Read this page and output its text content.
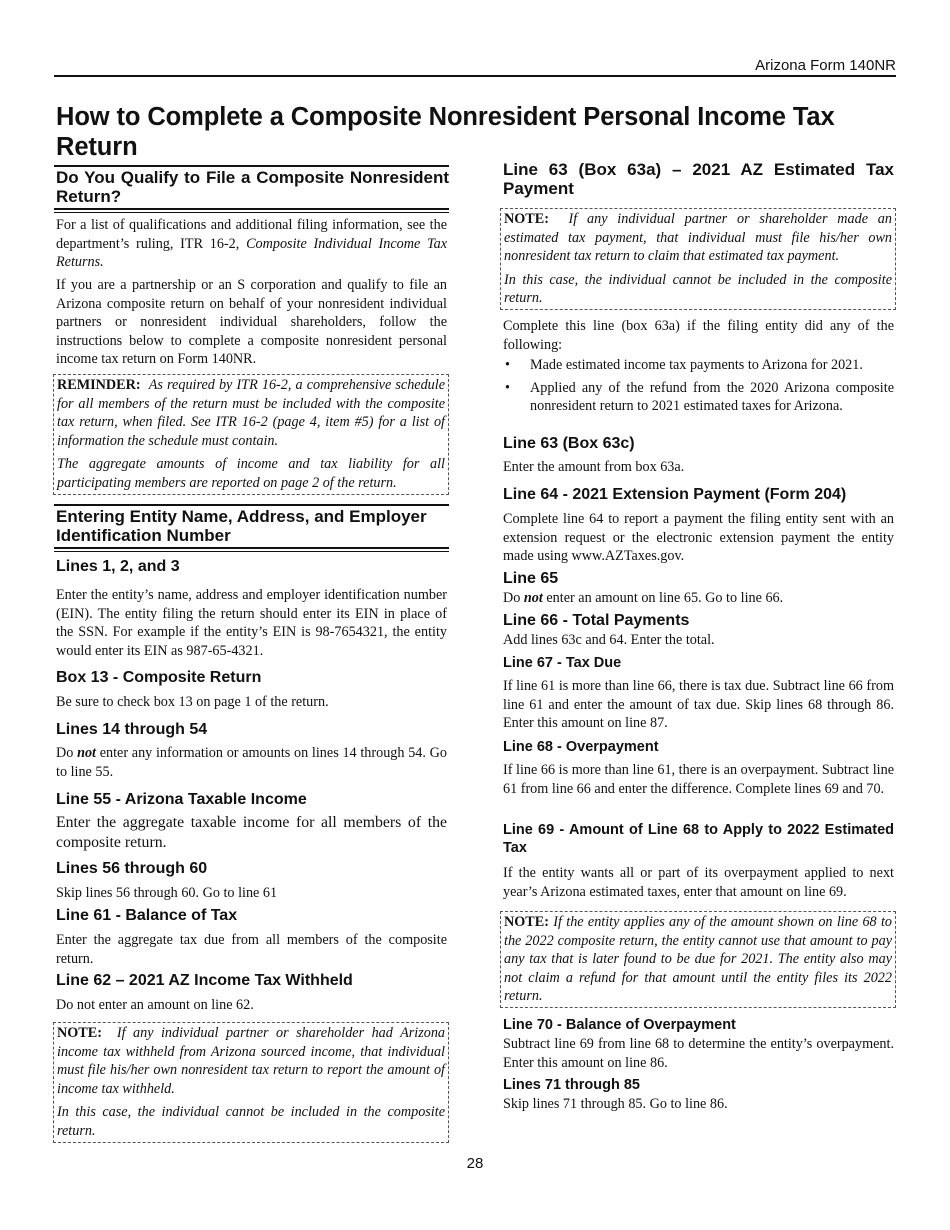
Arizona Form 140NR
How to Complete a Composite Nonresident Personal Income Tax Return
Do You Qualify to File a Composite Nonresident Return?
For a list of qualifications and additional filing information, see the department’s ruling, ITR 16-2, Composite Individual Income Tax Returns.
If you are a partnership or an S corporation and qualify to file an Arizona composite return on behalf of your nonresident individual partners or nonresident individual shareholders, follow the instructions below to complete a composite nonresident personal income tax return on Form 140NR.
REMINDER: As required by ITR 16-2, a comprehensive schedule for all members of the return must be included with the composite tax return, when filed. See ITR 16-2 (page 4, item #5) for a list of information the schedule must contain.
The aggregate amounts of income and tax liability for all participating members are reported on page 2 of the return.
Entering Entity Name, Address, and Employer Identification Number
Lines 1, 2, and 3
Enter the entity’s name, address and employer identification number (EIN). The entity filing the return should enter its EIN in place of the SSN. For example if the entity’s EIN is 98-7654321, the entity would enter its EIN as 987-65-4321.
Box 13 - Composite Return
Be sure to check box 13 on page 1 of the return.
Lines 14 through 54
Do not enter any information or amounts on lines 14 through 54. Go to line 55.
Line 55 - Arizona Taxable Income
Enter the aggregate taxable income for all members of the composite return.
Lines 56 through 60
Skip lines 56 through 60. Go to line 61
Line 61 - Balance of Tax
Enter the aggregate tax due from all members of the composite return.
Line 62 – 2021 AZ Income Tax Withheld
Do not enter an amount on line 62.
NOTE: If any individual partner or shareholder had Arizona income tax withheld from Arizona sourced income, that individual must file his/her own nonresident tax return to report the amount of income tax withheld.
In this case, the individual cannot be included in the composite return.
Line 63 (Box 63a) – 2021 AZ Estimated Tax Payment
NOTE: If any individual partner or shareholder made an estimated tax payment, that individual must file his/her own nonresident tax return to claim that estimated tax payment.
In this case, the individual cannot be included in the composite return.
Complete this line (box 63a) if the filing entity did any of the following:
• Made estimated income tax payments to Arizona for 2021.
• Applied any of the refund from the 2020 Arizona composite nonresident return to 2021 estimated taxes for Arizona.
Line 63 (Box 63c)
Enter the amount from box 63a.
Line 64 - 2021 Extension Payment (Form 204)
Complete line 64 to report a payment the filing entity sent with an extension request or the electronic extension payment the entity made using www.AZTaxes.gov.
Line 65
Do not enter an amount on line 65. Go to line 66.
Line 66 - Total Payments
Add lines 63c and 64. Enter the total.
Line 67 - Tax Due
If line 61 is more than line 66, there is tax due. Subtract line 66 from line 61 and enter the amount of tax due. Skip lines 68 through 86. Enter this amount on line 87.
Line 68 - Overpayment
If line 66 is more than line 61, there is an overpayment. Subtract line 61 from line 66 and enter the difference. Complete lines 69 and 70.
Line 69 - Amount of Line 68 to Apply to 2022 Estimated Tax
If the entity wants all or part of its overpayment applied to next year’s Arizona estimated taxes, enter that amount on line 69.
NOTE: If the entity applies any of the amount shown on line 68 to the 2022 composite return, the entity cannot use that amount to pay any tax that is later found to be due for 2021. The entity also may not claim a refund for that amount until the entity files its 2022 return.
Line 70 - Balance of Overpayment
Subtract line 69 from line 68 to determine the entity’s overpayment. Enter this amount on line 86.
Lines 71 through 85
Skip lines 71 through 85. Go to line 86.
28
